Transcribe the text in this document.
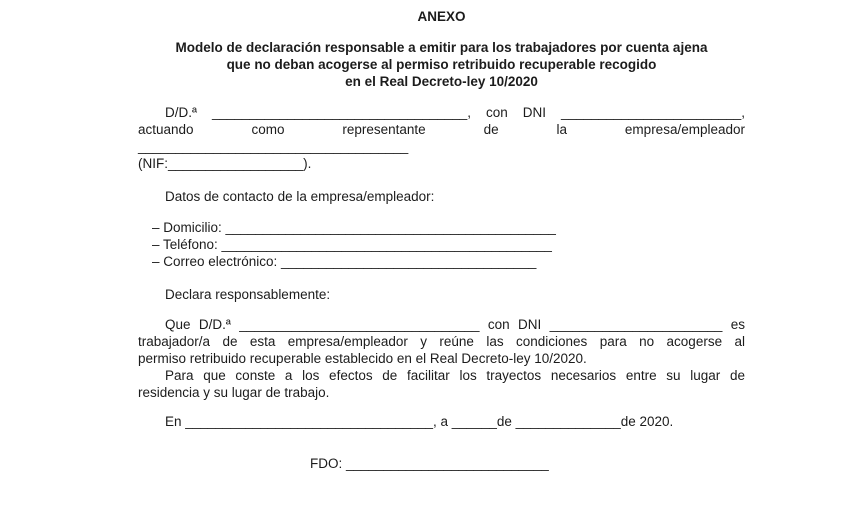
ANEXO
Modelo de declaración responsable a emitir para los trabajadores por cuenta ajena
que no deban acogerse al permiso retribuido recuperable recogido
en el Real Decreto-ley 10/2020
D/D.ª __________________________________, con DNI ________________________,
actuando como representante de la empresa/empleador ____________________________________
(NIF:__________________).
Datos de contacto de la empresa/empleador:
– Domicilio: ____________________________________________
– Teléfono: ____________________________________________
– Correo electrónico: __________________________________
Declara responsablemente:
Que D/D.ª ________________________________ con DNI _______________________ es
trabajador/a de esta empresa/empleador y reúne las condiciones para no acogerse al
permiso retribuido recuperable establecido en el Real Decreto-ley 10/2020.
Para que conste a los efectos de facilitar los trayectos necesarios entre su lugar de
residencia y su lugar de trabajo.
En _________________________________, a ______de ______________de 2020.
FDO: ___________________________
